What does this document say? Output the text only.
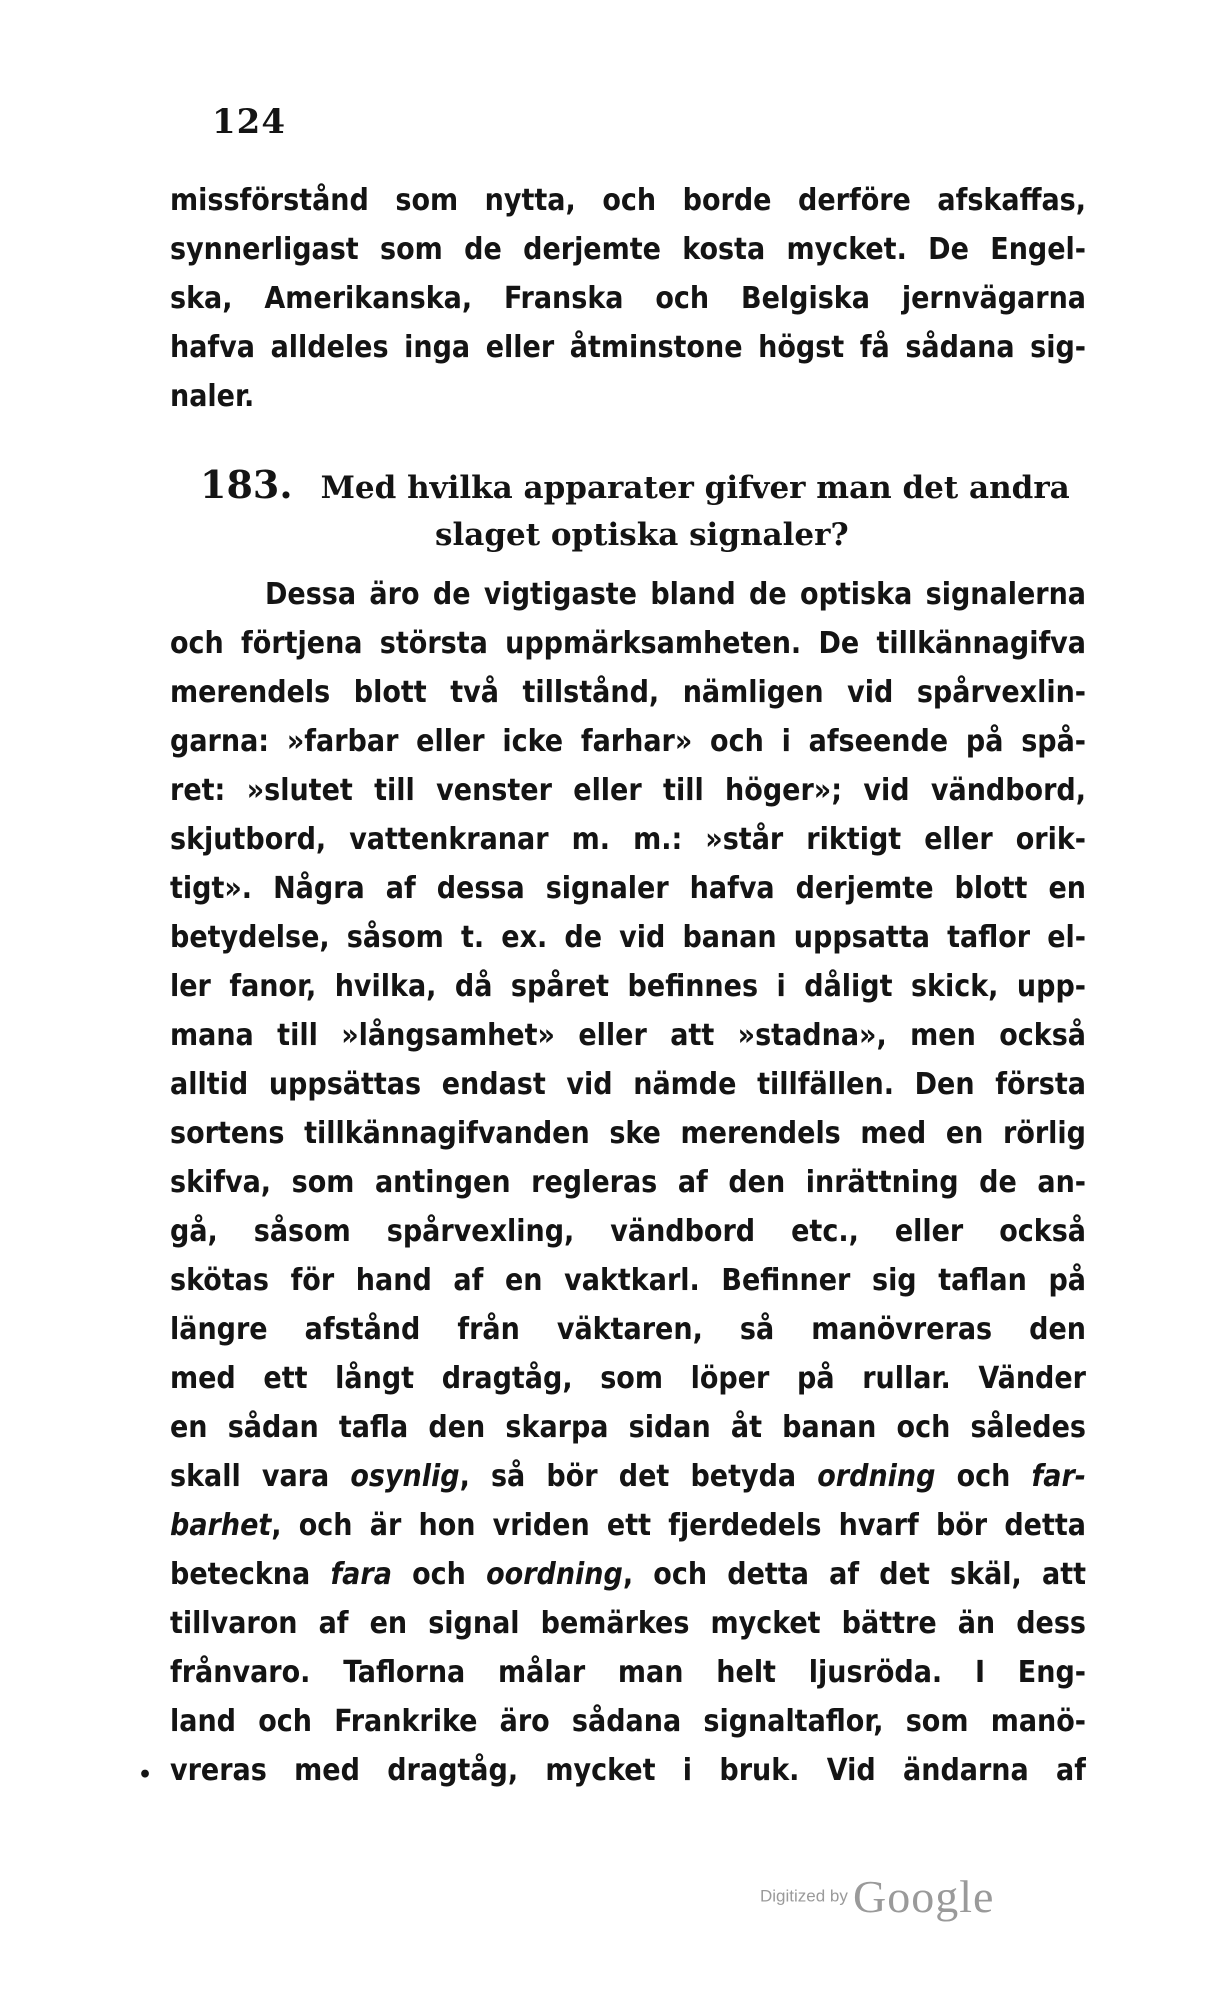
124
missförstånd som nytta, och borde derföre afskaffas,
synnerligast som de derjemte kosta mycket. De Engel-
ska, Amerikanska, Franska och Belgiska jernvägarna
hafva alldeles inga eller åtminstone högst få sådana sig-
naler.
183. Med hvilka apparater gifver man det andra
slaget optiska signaler?
Dessa äro de vigtigaste bland de optiska signalerna
och förtjena största uppmärksamheten. De tillkännagifva
merendels blott två tillstånd, nämligen vid spårvexlin-
garna: »farbar eller icke farhar» och i afseende på spå-
ret: »slutet till venster eller till höger»; vid vändbord,
skjutbord, vattenkranar m. m.: »står riktigt eller orik-
tigt». Några af dessa signaler hafva derjemte blott en
betydelse, såsom t. ex. de vid banan uppsatta taflor el-
ler fanor, hvilka, då spåret befinnes i dåligt skick, upp-
mana till »långsamhet» eller att »stadna», men också
alltid uppsättas endast vid nämde tillfällen. Den första
sortens tillkännagifvanden ske merendels med en rörlig
skifva, som antingen regleras af den inrättning de an-
gå, såsom spårvexling, vändbord etc., eller också
skötas för hand af en vaktkarl. Befinner sig taflan på
längre afstånd från väktaren, så manövreras den
med ett långt dragtåg, som löper på rullar. Vänder
en sådan tafla den skarpa sidan åt banan och således
skall vara osynlig, så bör det betyda ordning och far-
barhet, och är hon vriden ett fjerdedels hvarf bör detta
beteckna fara och oordning, och detta af det skäl, att
tillvaron af en signal bemärkes mycket bättre än dess
frånvaro. Taflorna målar man helt ljusröda. I Eng-
land och Frankrike äro sådana signaltaflor, som manö-
vreras med dragtåg, mycket i bruk. Vid ändarna af
•
Digitized by Google
